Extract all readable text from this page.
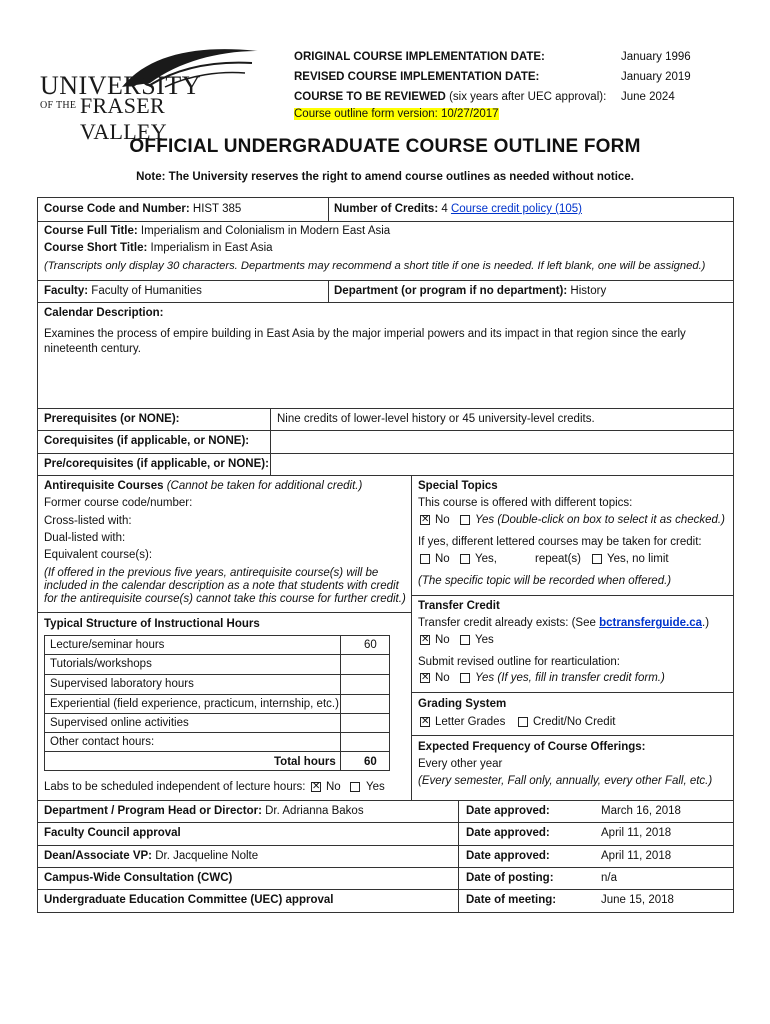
UNIVERSITY
OF THE FRASER VALLEY
ORIGINAL COURSE IMPLEMENTATION DATE:	January 1996
REVISED COURSE IMPLEMENTATION DATE:	January 2019
COURSE TO BE REVIEWED (six years after UEC approval): June 2024
Course outline form version: 10/27/2017
OFFICIAL UNDERGRADUATE COURSE OUTLINE FORM
Note: The University reserves the right to amend course outlines as needed without notice.
Course Code and Number: HIST 385	Number of Credits: 4 Course credit policy (105)
Course Full Title: Imperialism and Colonialism in Modern East Asia
Course Short Title: Imperialism in East Asia
(Transcripts only display 30 characters. Departments may recommend a short title if one is needed. If left blank, one will be assigned.)
Faculty: Faculty of Humanities	Department (or program if no department): History
Calendar Description:
Examines the process of empire building in East Asia by the major imperial powers and its impact in that region since the early
nineteenth century.
Prerequisites (or NONE):	Nine credits of lower-level history or 45 university-level credits.
Corequisites (if applicable, or NONE):
Pre/corequisites (if applicable, or NONE):
Antirequisite Courses (Cannot be taken for additional credit.)
Former course code/number:
Cross-listed with:
Dual-listed with:
Equivalent course(s):
(If offered in the previous five years, antirequisite course(s) will be
included in the calendar description as a note that students with credit
for the antirequisite course(s) cannot take this course for further credit.)
Typical Structure of Instructional Hours
Lecture/seminar hours	60
Tutorials/workshops
Supervised laboratory hours
Experiential (field experience, practicum, internship, etc.)
Supervised online activities
Other contact hours:
Total hours 60
Labs to be scheduled independent of lecture hours: ✕ No Yes
Special Topics
This course is offered with different topics:
✕ No Yes (Double-click on box to select it as checked.)
If yes, different lettered courses may be taken for credit:
No Yes,	repeat(s) Yes, no limit
(The specific topic will be recorded when offered.)
Transfer Credit
Transfer credit already exists: (See bctransferguide.ca.)
✕ No Yes
Submit revised outline for rearticulation:
✕ No Yes (If yes, fill in transfer credit form.)
Grading System
✕ Letter Grades Credit/No Credit
Expected Frequency of Course Offerings:
Every other year
(Every semester, Fall only, annually, every other Fall, etc.)
Department / Program Head or Director: Dr. Adrianna Bakos	Date approved:	March 16, 2018
Faculty Council approval	Date approved:	April 11, 2018
Dean/Associate VP: Dr. Jacqueline Nolte	Date approved:	April 11, 2018
Campus-Wide Consultation (CWC)	Date of posting:	n/a
Undergraduate Education Committee (UEC) approval	Date of meeting:	June 15, 2018
